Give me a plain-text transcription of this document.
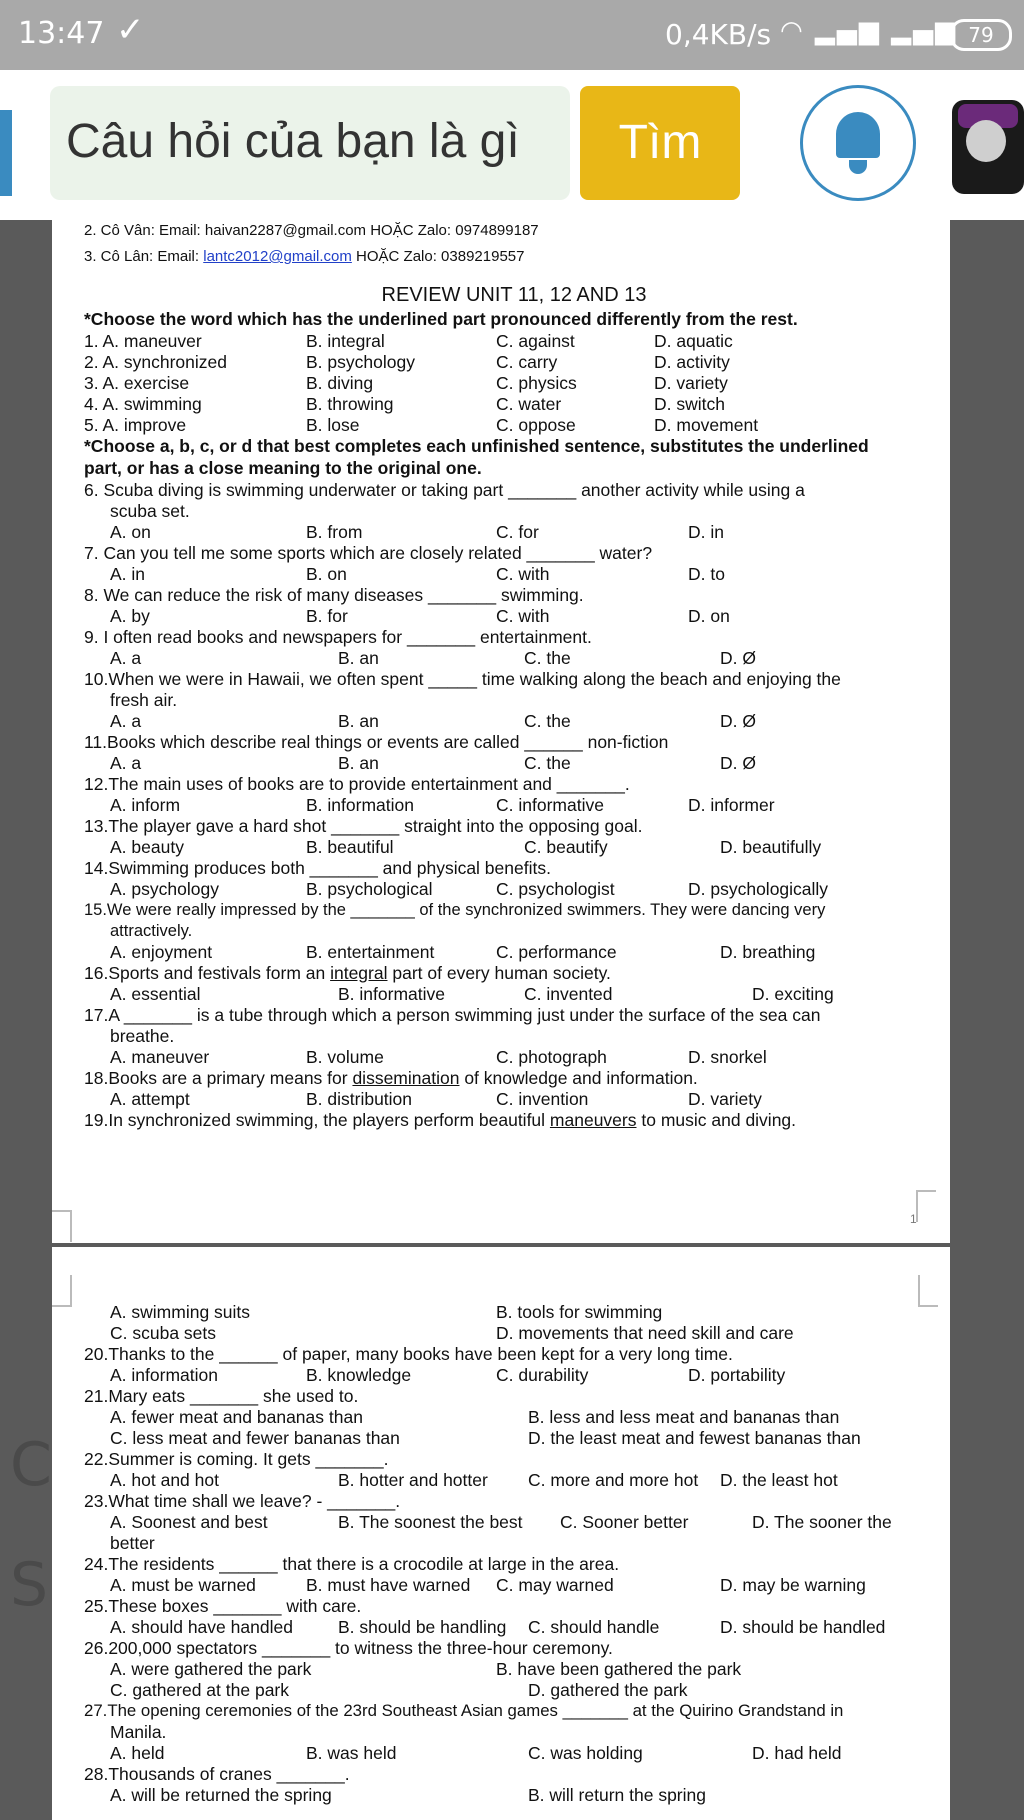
13:47 ✓	0,4KB/s ◠ ▂▄▆ ▂▄▆ 79
Câu hỏi của bạn là gì	Tìm
C
S
2. Cô Vân: Email: haivan2287@gmail.com HOẶC Zalo: 0974899187
3. Cô Lân: Email: lantc2012@gmail.com HOẶC Zalo: 0389219557
REVIEW UNIT 11, 12 AND 13
*Choose the word which has the underlined part pronounced differently from the rest.
1. A. maneuver	B. integral	C. against	D. aquatic
2. A. synchronized	B. psychology	C. carry	D. activity
3. A. exercise	B. diving	C. physics	D. variety
4. A. swimming	B. throwing	C. water	D. switch
5. A. improve	B. lose	C. oppose	D. movement
*Choose a, b, c, or d that best completes each unfinished sentence, substitutes the underlined
part, or has a close meaning to the original one.
6. Scuba diving is swimming underwater or taking part _______ another activity while using a
scuba set.
A. on	B. from	C. for	D. in
7. Can you tell me some sports which are closely related _______ water?
A. in	B. on	C. with	D. to
8. We can reduce the risk of many diseases _______ swimming.
A. by	B. for	C. with	D. on
9. I often read books and newspapers for _______ entertainment.
A. a	B. an	C. the	D. Ø
10.When we were in Hawaii, we often spent _____ time walking along the beach and enjoying the
fresh air.
A. a	B. an	C. the	D. Ø
11.Books which describe real things or events are called ______ non-fiction
A. a	B. an	C. the	D. Ø
12.The main uses of books are to provide entertainment and _______.
A. inform	B. information	C. informative	D. informer
13.The player gave a hard shot _______ straight into the opposing goal.
A. beauty	B. beautiful	C. beautify	D. beautifully
14.Swimming produces both _______ and physical benefits.
A. psychology	B. psychological	C. psychologist	D. psychologically
15.We were really impressed by the _______ of the synchronized swimmers. They were dancing very
attractively.
A. enjoyment	B. entertainment	C. performance	D. breathing
16.Sports and festivals form an integral part of every human society.
A. essential	B. informative	C. invented	D. exciting
17.A _______ is a tube through which a person swimming just under the surface of the sea can
breathe.
A. maneuver	B. volume	C. photograph	D. snorkel
18.Books are a primary means for dissemination of knowledge and information.
A. attempt	B. distribution	C. invention	D. variety
19.In synchronized swimming, the players perform beautiful maneuvers to music and diving.
1
A. swimming suits	B. tools for swimming
C. scuba sets	D. movements that need skill and care
20.Thanks to the ______ of paper, many books have been kept for a very long time.
A. information	B. knowledge	C. durability	D. portability
21.Mary eats _______ she used to.
A. fewer meat and bananas than	B. less and less meat and bananas than
C. less meat and fewer bananas than	D. the least meat and fewest bananas than
22.Summer is coming. It gets _______.
A. hot and hot	B. hotter and hotter C. more and more hot D. the least hot
23.What time shall we leave? - _______.
A. Soonest and best	B. The soonest the best C. Sooner better	D. The sooner the
better
24.The residents ______ that there is a crocodile at large in the area.
A. must be warned	B. must have warned C. may warned	D. may be warning
25.These boxes _______ with care.
A. should have handled	B. should be handling C. should handle	D. should be handled
26.200,000 spectators _______ to witness the three-hour ceremony.
A. were gathered the park	B. have been gathered the park
C. gathered at the park	D. gathered the park
27.The opening ceremonies of the 23rd Southeast Asian games _______ at the Quirino Grandstand in
Manila.
A. held	B. was held	C. was holding	D. had held
28.Thousands of cranes _______.
A. will be returned the spring	B. will return the spring
